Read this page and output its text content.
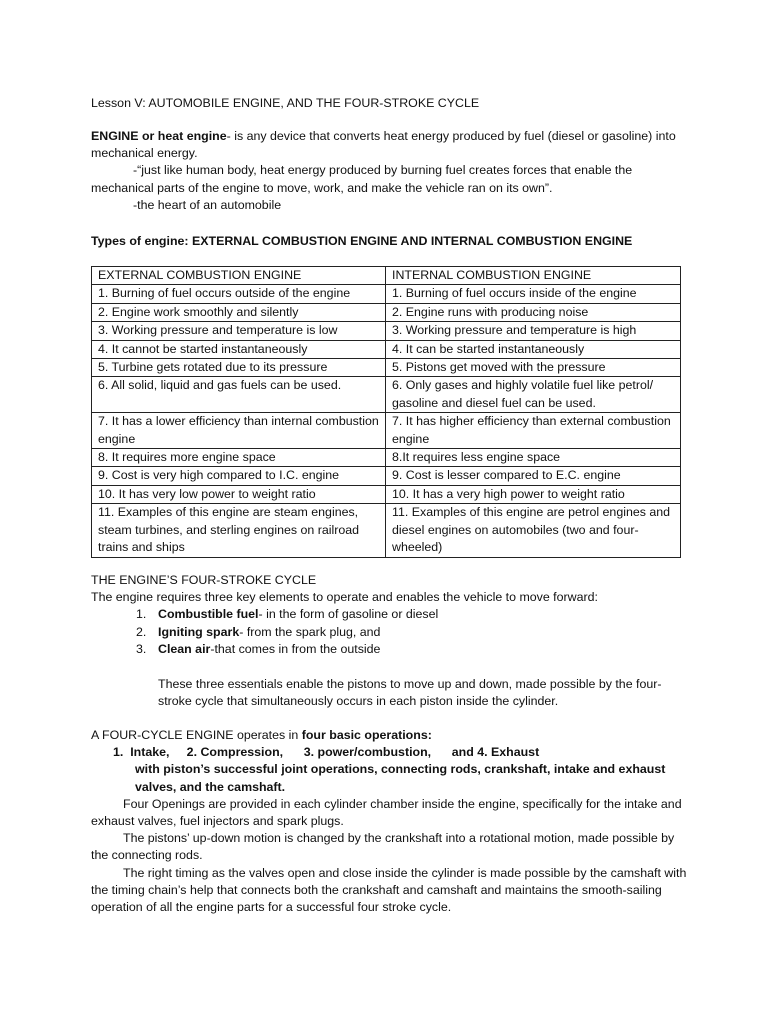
Lesson V: AUTOMOBILE ENGINE, AND THE FOUR-STROKE CYCLE

ENGINE or heat engine- is any device that converts heat energy produced by fuel (diesel or gasoline) into mechanical energy.

-“just like human body, heat energy produced by burning fuel creates forces that enable the mechanical parts of the engine to move, work, and make the vehicle ran on its own”.

-the heart of an automobile

Types of engine: EXTERNAL COMBUSTION ENGINE AND INTERNAL COMBUSTION ENGINE

EXTERNAL COMBUSTION ENGINE	INTERNAL COMBUSTION ENGINE
1. Burning of fuel occurs outside of the engine	1. Burning of fuel occurs inside of the engine
2. Engine work smoothly and silently	2. Engine runs with producing noise
3. Working pressure and temperature is low	3. Working pressure and temperature is high
4. It cannot be started instantaneously	4. It can be started instantaneously
5. Turbine gets rotated due to its pressure	5. Pistons get moved with the pressure
6. All solid, liquid and gas fuels can be used.	6. Only gases and highly volatile fuel like petrol/ gasoline and diesel fuel can be used.
7. It has a lower efficiency than internal combustion engine	7. It has higher efficiency than external combustion engine
8. It requires more engine space	8.It requires less engine space
9. Cost is very high compared to I.C. engine	9. Cost is lesser compared to E.C. engine
10. It has very low power to weight ratio	10. It has a very high power to weight ratio
11. Examples of this engine are steam engines, steam turbines, and sterling engines on railroad trains and ships	11. Examples of this engine are petrol engines and diesel engines on automobiles (two and four-wheeled)

THE ENGINE’S FOUR-STROKE CYCLE

The engine requires three key elements to operate and enables the vehicle to move forward:

1. Combustible fuel- in the form of gasoline or diesel
2. Igniting spark- from the spark plug, and
3. Clean air-that comes in from the outside

These three essentials enable the pistons to move up and down, made possible by the four-stroke cycle that simultaneously occurs in each piston inside the cylinder.

A FOUR-CYCLE ENGINE operates in four basic operations:

1.  Intake,     2. Compression,      3. power/combustion,      and 4. Exhaust

with piston’s successful joint operations, connecting rods, crankshaft, intake and exhaust valves, and the camshaft.

Four Openings are provided in each cylinder chamber inside the engine, specifically for the intake and exhaust valves, fuel injectors and spark plugs.

The pistons’ up-down motion is changed by the crankshaft into a rotational motion, made possible by the connecting rods.

The right timing as the valves open and close inside the cylinder is made possible by the camshaft with the timing chain’s help that connects both the crankshaft and camshaft and maintains the smooth-sailing operation of all the engine parts for a successful four stroke cycle.
